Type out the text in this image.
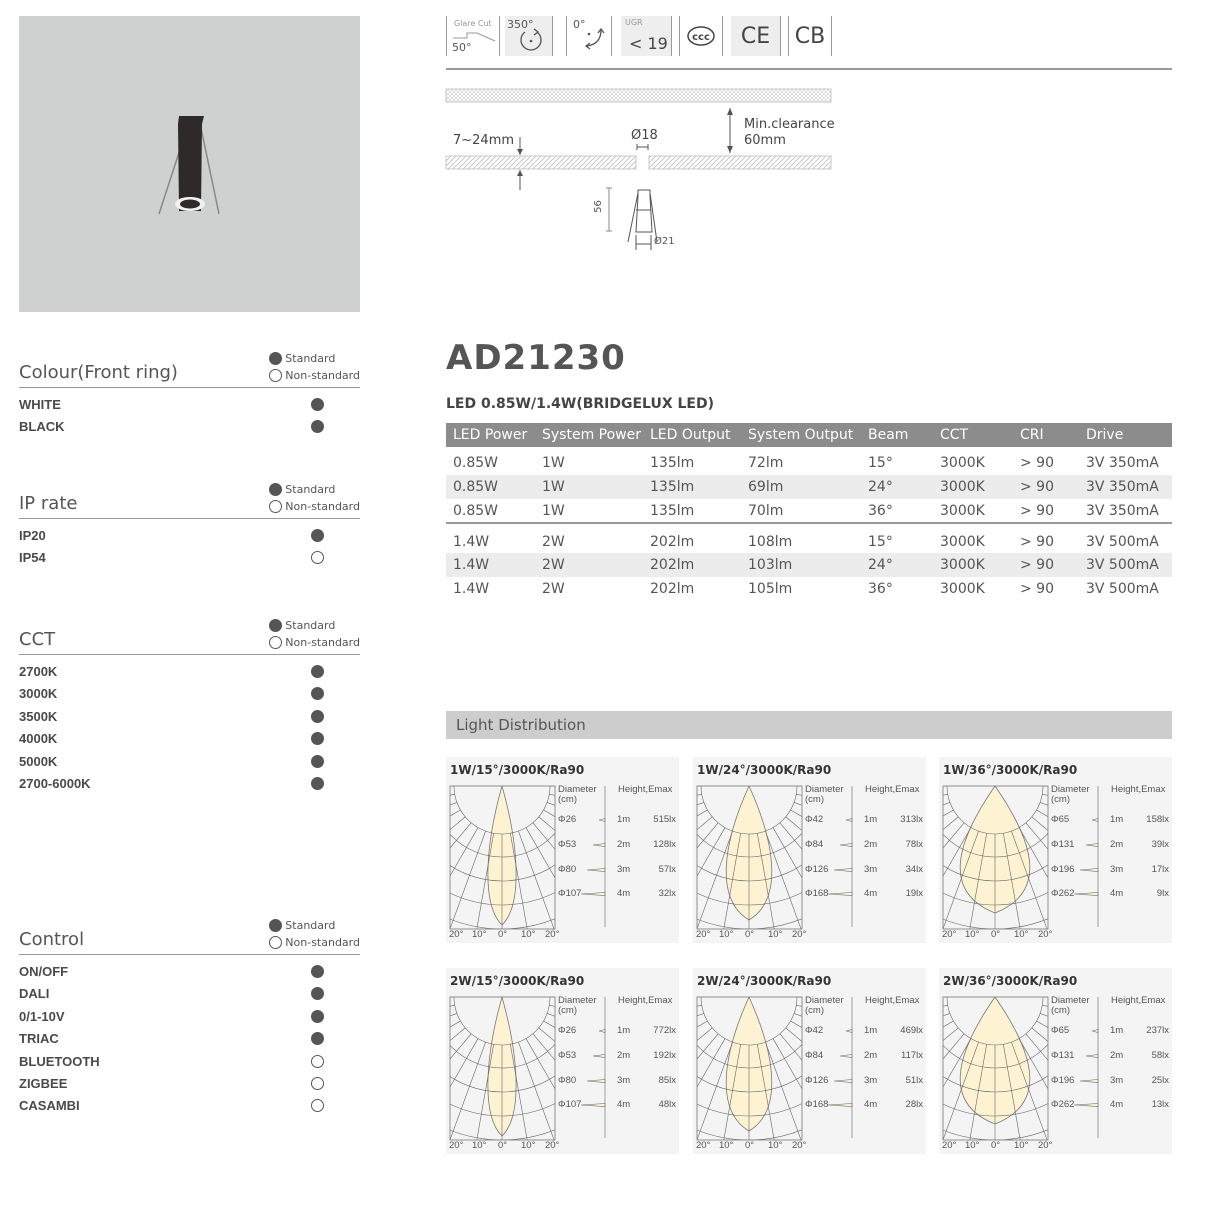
Glare Cut
50°
350°	0°	UGR
< 19 ccc CE CB
7~24mm	Ø18
Min.clearance
60mm
56
Ø21
Colour(Front ring)
Standard
Non-standard
WHITE
BLACK
IP rate
Standard
Non-standard
IP20
IP54
CCT
Standard
Non-standard
2700K
3000K
3500K
4000K
5000K
2700-6000K
Control
Standard
Non-standard
ON/OFF
DALI
0/1-10V
TRIAC
BLUETOOTH
ZIGBEE
CASAMBI
AD21230
LED 0.85W/1.4W(BRIDGELUX LED)
LED Power	System Power	LED Output	System Output	Beam	CCT	CRI	Drive
0.85W	1W	135lm	72lm	15°	3000K	> 90	3V 350mA
0.85W	1W	135lm	69lm	24°	3000K	> 90	3V 350mA
0.85W	1W	135lm	70lm	36°	3000K	> 90	3V 350mA
1.4W	2W	202lm	108lm	15°	3000K	> 90	3V 500mA
1.4W	2W	202lm	103lm	24°	3000K	> 90	3V 500mA
1.4W	2W	202lm	105lm	36°	3000K	> 90	3V 500mA
Light Distribution
1W/15°/3000K/Ra90
Diameter
(cm)
Height,Emax
Φ26	1m 515lx
Φ53	2m 128lx
Φ80	3m	57lx
Φ107	4m	32lx
20° 10° 0° 10° 20°
1W/24°/3000K/Ra90
Diameter
(cm)
Height,Emax
Φ42	1m 313lx
Φ84	2m	78lx
Φ126	3m	34lx
Φ168	4m	19lx
20° 10° 0° 10° 20°
1W/36°/3000K/Ra90
Diameter
(cm)
Height,Emax
Φ65	1m 158lx
Φ131	2m	39lx
Φ196	3m	17lx
Φ262	4m	9lx
20° 10° 0° 10° 20°
2W/15°/3000K/Ra90
Diameter
(cm)
Height,Emax
Φ26	1m 772lx
Φ53	2m 192lx
Φ80	3m	85lx
Φ107	4m	48lx
20° 10° 0° 10° 20°
2W/24°/3000K/Ra90
Diameter
(cm)
Height,Emax
Φ42	1m 469lx
Φ84	2m	117lx
Φ126	3m	51lx
Φ168	4m	28lx
20° 10° 0° 10° 20°
2W/36°/3000K/Ra90
Diameter
(cm)
Height,Emax
Φ65	1m 237lx
Φ131	2m	58lx
Φ196	3m	25lx
Φ262	4m	13lx
20° 10° 0° 10° 20°
